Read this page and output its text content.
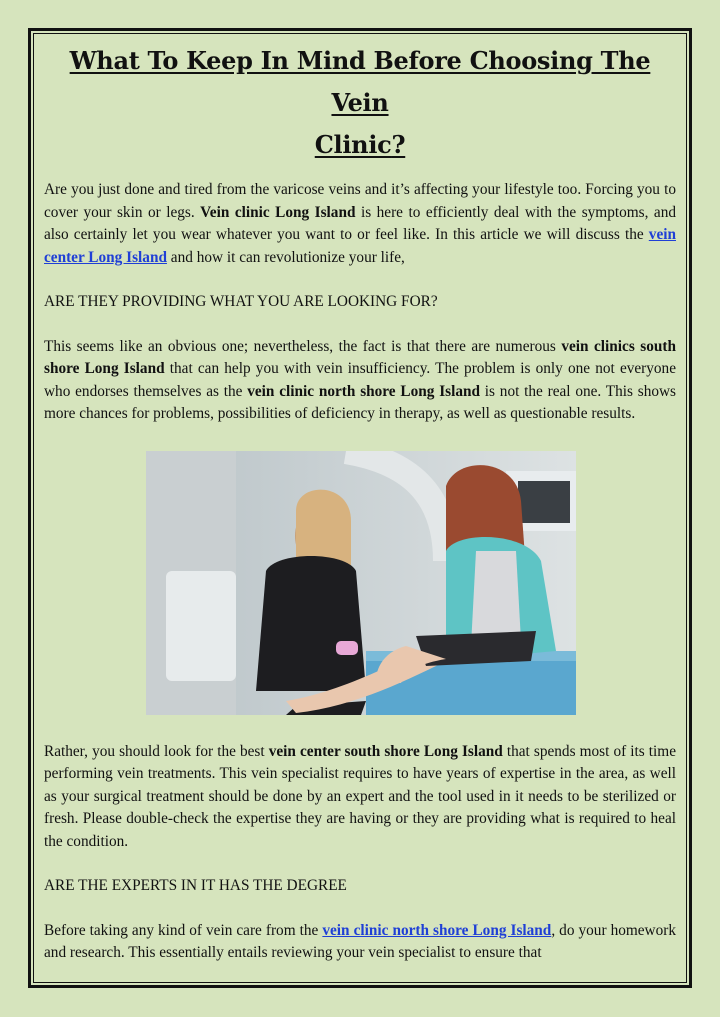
What To Keep In Mind Before Choosing The Vein
Clinic?

Are you just done and tired from the varicose veins and it’s affecting your lifestyle too. Forcing you to cover your skin or legs. Vein clinic Long Island is here to efficiently deal with the symptoms, and also certainly let you wear whatever you want to or feel like. In this article we will discuss the vein center Long Island and how it can revolutionize your life,

ARE THEY PROVIDING WHAT YOU ARE LOOKING FOR?

This seems like an obvious one; nevertheless, the fact is that there are numerous vein clinics south shore Long Island that can help you with vein insufficiency. The problem is only one not everyone who endorses themselves as the vein clinic north shore Long Island is not the real one. This shows more chances for problems, possibilities of deficiency in therapy, as well as questionable results.

Rather, you should look for the best vein center south shore Long Island that spends most of its time performing vein treatments. This vein specialist requires to have years of expertise in the area, as well as your surgical treatment should be done by an expert and the tool used in it needs to be sterilized or fresh. Please double-check the expertise they are having or they are providing what is required to heal the condition.

ARE THE EXPERTS IN IT HAS THE DEGREE

Before taking any kind of vein care from the vein clinic north shore Long Island, do your homework and research. This essentially entails reviewing your vein specialist to ensure that
